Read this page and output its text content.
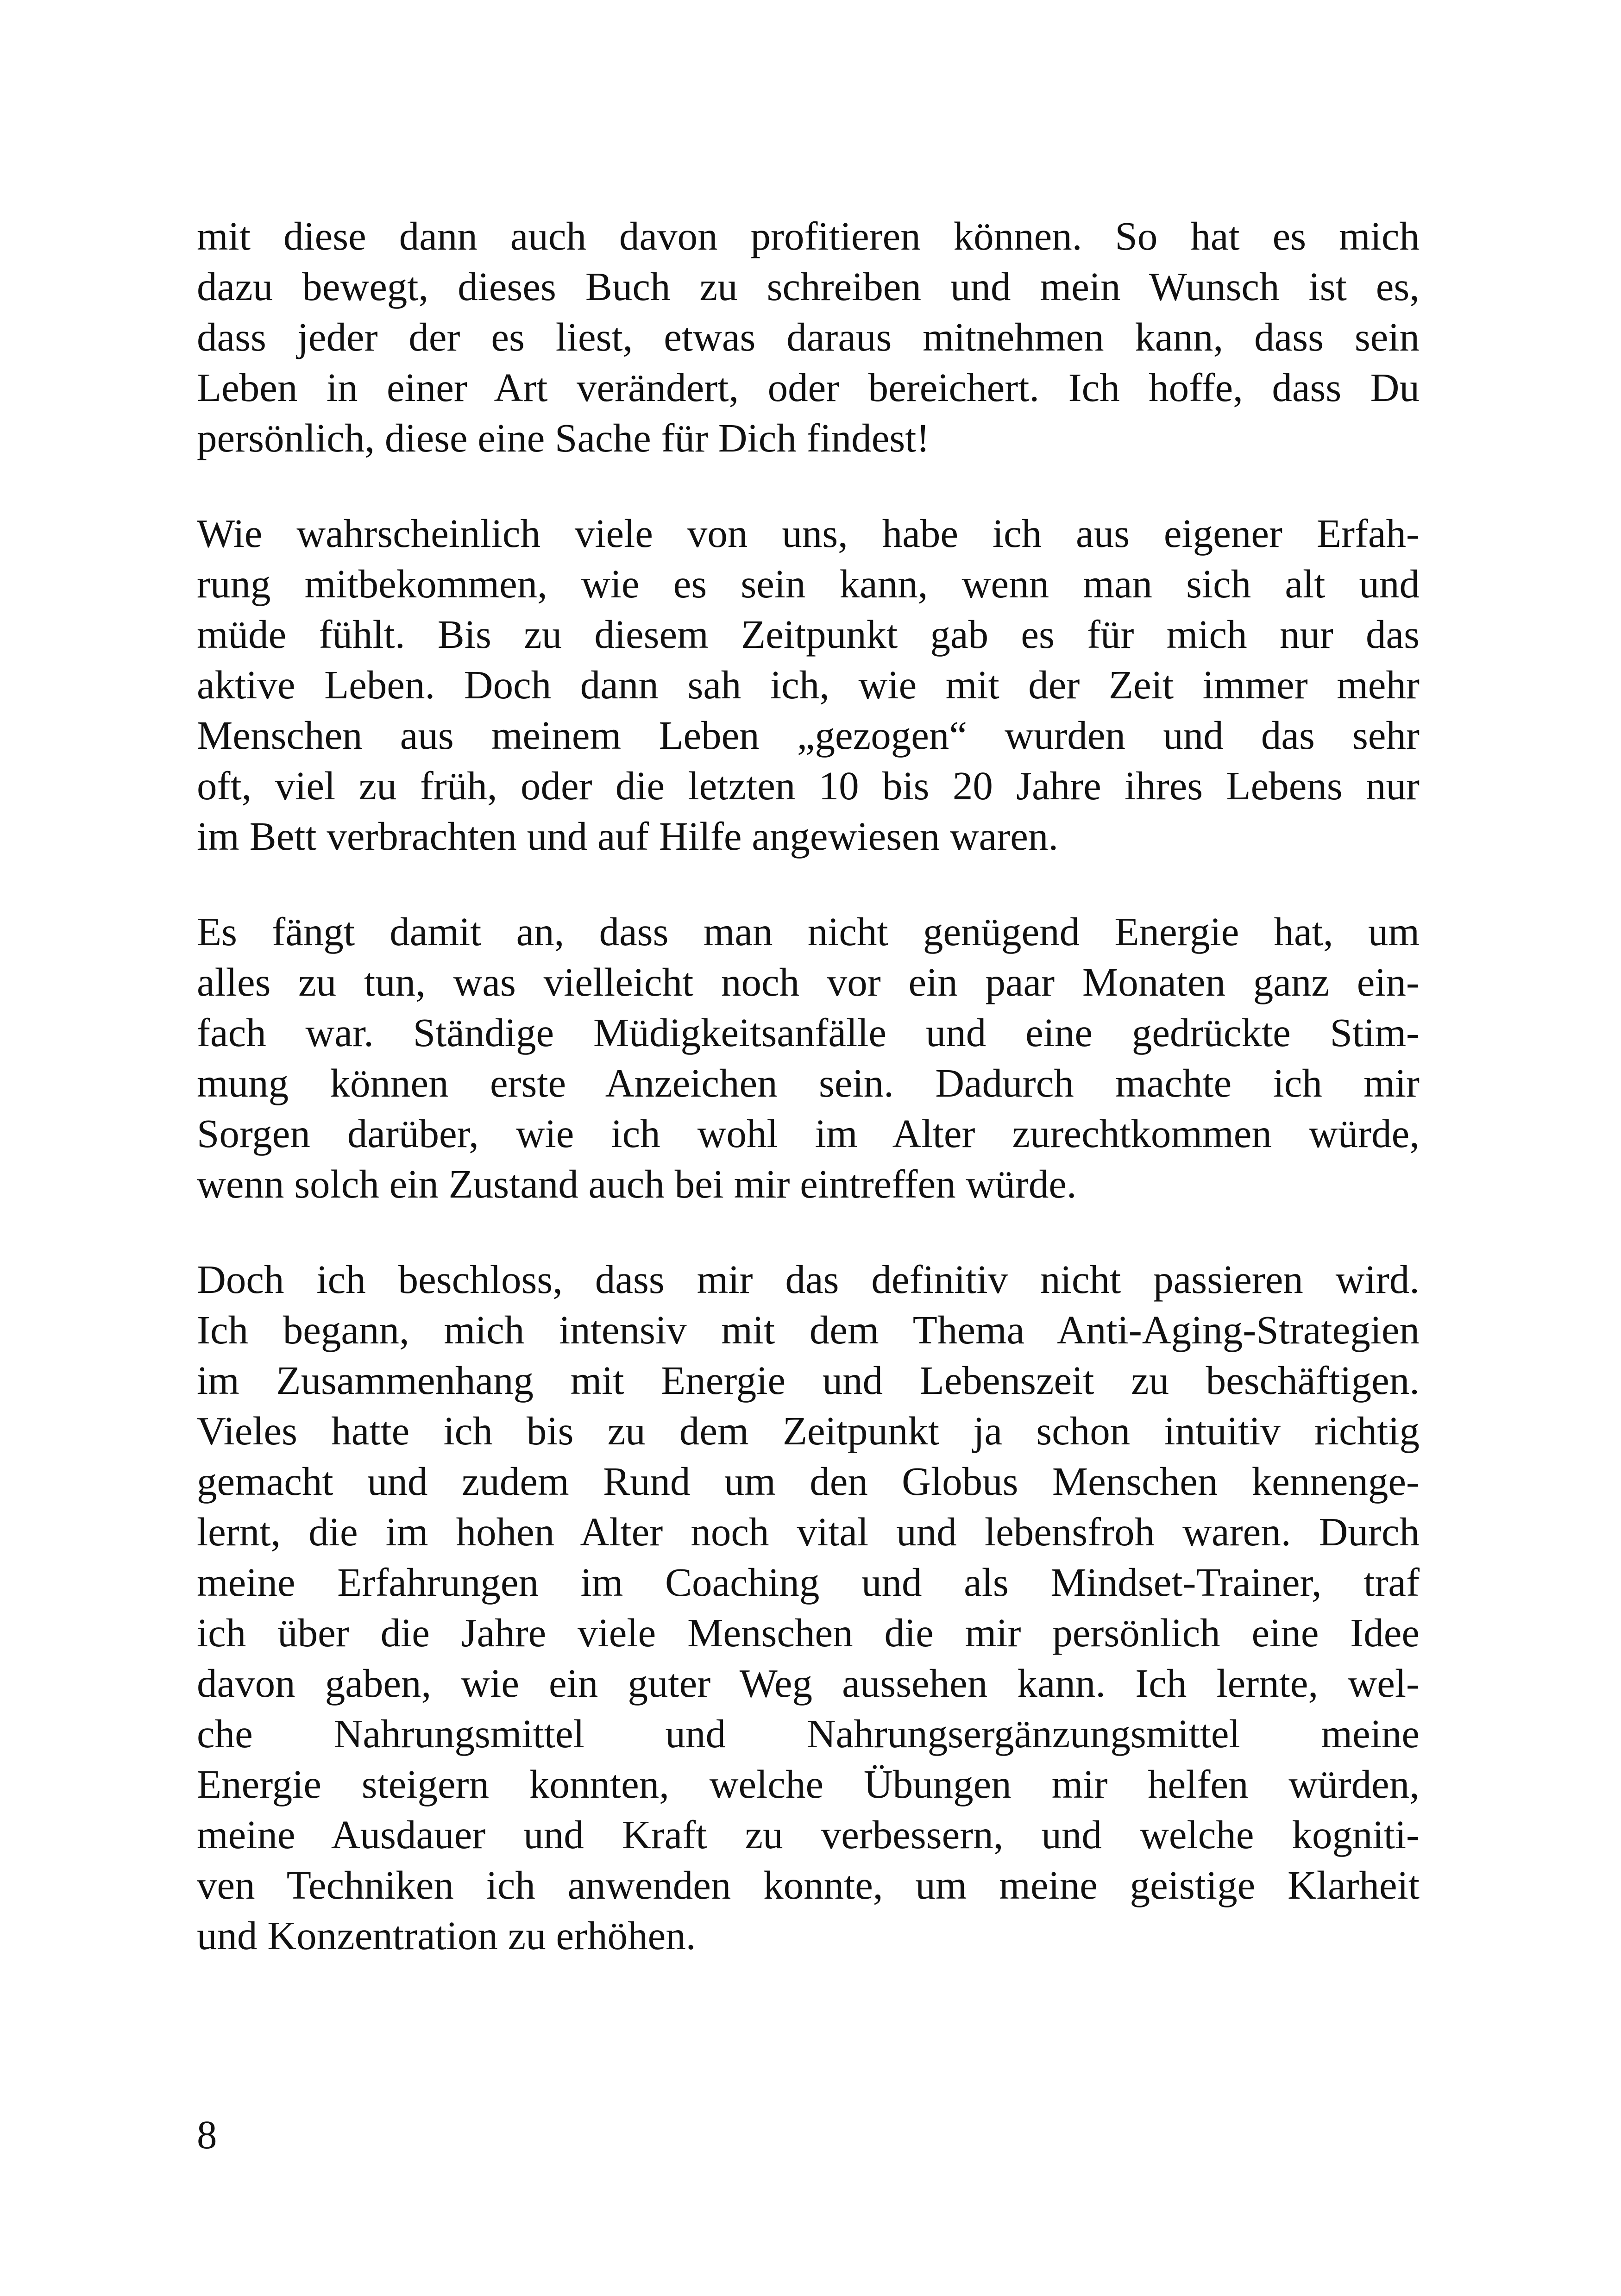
mit diese dann auch davon profitieren können. So hat es mich
dazu bewegt, dieses Buch zu schreiben und mein Wunsch ist es,
dass jeder der es liest, etwas daraus mitnehmen kann, dass sein
Leben in einer Art verändert, oder bereichert. Ich hoffe, dass Du
persönlich, diese eine Sache für Dich findest!
Wie wahrscheinlich viele von uns, habe ich aus eigener Erfah-
rung mitbekommen, wie es sein kann, wenn man sich alt und
müde fühlt. Bis zu diesem Zeitpunkt gab es für mich nur das
aktive Leben. Doch dann sah ich, wie mit der Zeit immer mehr
Menschen aus meinem Leben „gezogen“ wurden und das sehr
oft, viel zu früh, oder die letzten 10 bis 20 Jahre ihres Lebens nur
im Bett verbrachten und auf Hilfe angewiesen waren.
Es fängt damit an, dass man nicht genügend Energie hat, um
alles zu tun, was vielleicht noch vor ein paar Monaten ganz ein-
fach war. Ständige Müdigkeitsanfälle und eine gedrückte Stim-
mung können erste Anzeichen sein. Dadurch machte ich mir
Sorgen darüber, wie ich wohl im Alter zurechtkommen würde,
wenn solch ein Zustand auch bei mir eintreffen würde.
Doch ich beschloss, dass mir das definitiv nicht passieren wird.
Ich begann, mich intensiv mit dem Thema Anti-Aging-Strategien
im Zusammenhang mit Energie und Lebenszeit zu beschäftigen.
Vieles hatte ich bis zu dem Zeitpunkt ja schon intuitiv richtig
gemacht und zudem Rund um den Globus Menschen kennenge-
lernt, die im hohen Alter noch vital und lebensfroh waren. Durch
meine Erfahrungen im Coaching und als Mindset-Trainer, traf
ich über die Jahre viele Menschen die mir persönlich eine Idee
davon gaben, wie ein guter Weg aussehen kann. Ich lernte, wel-
che Nahrungsmittel und Nahrungsergänzungsmittel meine
Energie steigern konnten, welche Übungen mir helfen würden,
meine Ausdauer und Kraft zu verbessern, und welche kogniti-
ven Techniken ich anwenden konnte, um meine geistige Klarheit
und Konzentration zu erhöhen.
8
